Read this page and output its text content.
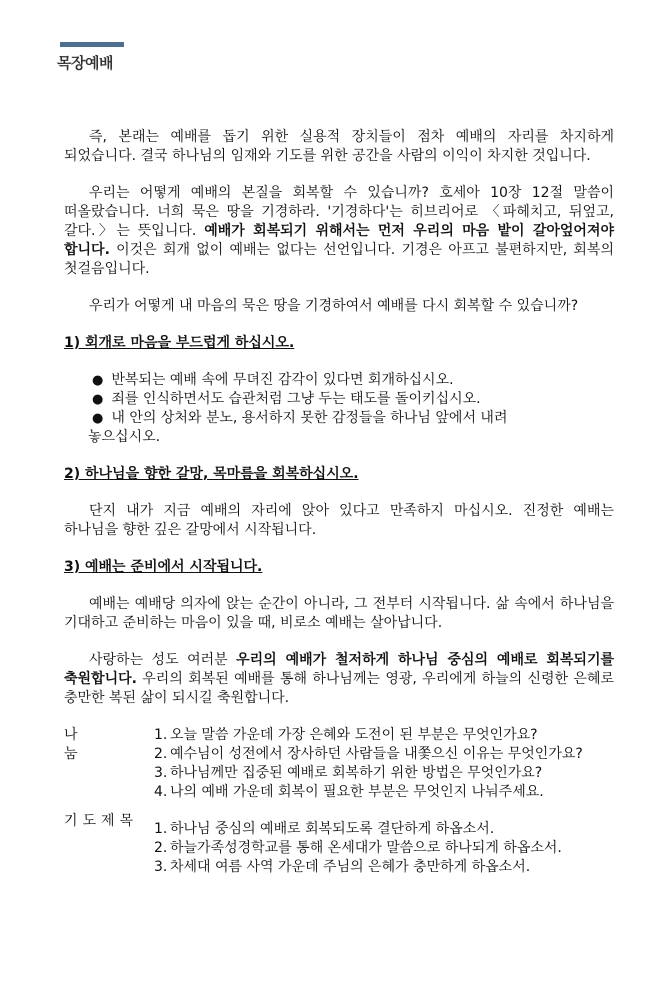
목장예배

즉, 본래는 예배를 돕기 위한 실용적 장치들이 점차 예배의 자리를 차지하게 되었습니다. 결국 하나님의 임재와 기도를 위한 공간을 사람의 이익이 차지한 것입니다.

우리는 어떻게 예배의 본질을 회복할 수 있습니까? 호세아 10장 12절 말씀이 떠올랐습니다. 너희 묵은 땅을 기경하라. '기경하다'는 히브리어로 〈파헤치고, 뒤엎고, 갈다.〉는 뜻입니다. 예배가 회복되기 위해서는 먼저 우리의 마음 밭이 갈아엎어져야 합니다. 이것은 회개 없이 예배는 없다는 선언입니다. 기경은 아프고 불편하지만, 회복의 첫걸음입니다.

우리가 어떻게 내 마음의 묵은 땅을 기경하여서 예배를 다시 회복할 수 있습니까?

1) 회개로 마음을 부드럽게 하십시오.

● 반복되는 예배 속에 무뎌진 감각이 있다면 회개하십시오.
● 죄를 인식하면서도 습관처럼 그냥 두는 태도를 돌이키십시오.
● 내 안의 상처와 분노, 용서하지 못한 감정들을 하나님 앞에서 내려
놓으십시오.

2) 하나님을 향한 갈망, 목마름을 회복하십시오.

단지 내가 지금 예배의 자리에 앉아 있다고 만족하지 마십시오. 진정한 예배는 하나님을 향한 깊은 갈망에서 시작됩니다.

3) 예배는 준비에서 시작됩니다.

예배는 예배당 의자에 앉는 순간이 아니라, 그 전부터 시작됩니다. 삶 속에서 하나님을 기대하고 준비하는 마음이 있을 때, 비로소 예배는 살아납니다.

사랑하는 성도 여러분 우리의 예배가 철저하게 하나님 중심의 예배로 회복되기를 축원합니다. 우리의 회복된 예배를 통해 하나님께는 영광, 우리에게 하늘의 신령한 은혜로 충만한 복된 삶이 되시길 축원합니다.

나 눔
1. 오늘 말씀 가운데 가장 은혜와 도전이 된 부분은 무엇인가요?
2. 예수님이 성전에서 장사하던 사람들을 내쫓으신 이유는 무엇인가요?
3. 하나님께만 집중된 예배로 회복하기 위한 방법은 무엇인가요?
4. 나의 예배 가운데 회복이 필요한 부분은 무엇인지 나눠주세요.
기도제목	1. 하나님 중심의 예배로 회복되도록 결단하게 하옵소서.
2. 하늘가족성경학교를 통해 온세대가 말씀으로 하나되게 하옵소서.
3. 차세대 여름 사역 가운데 주님의 은혜가 충만하게 하옵소서.
